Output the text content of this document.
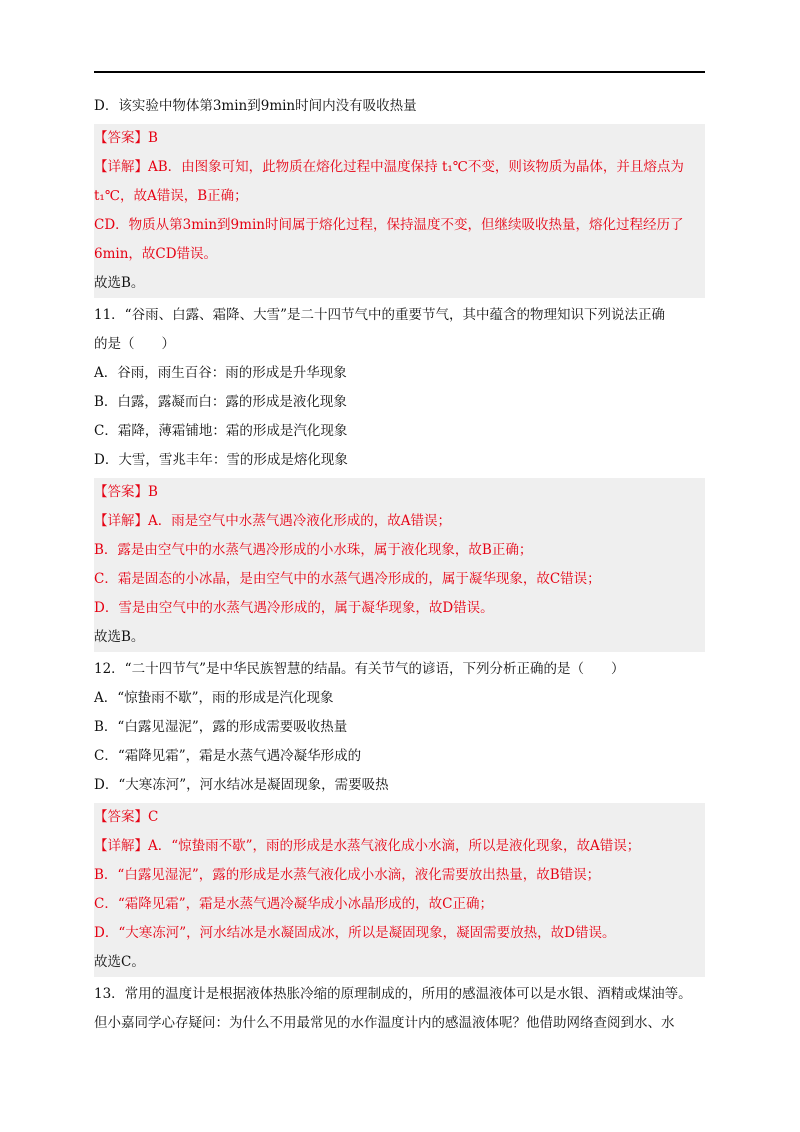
D．该实验中物体第3min到9min时间内没有吸收热量
【答案】B
【详解】AB．由图象可知，此物质在熔化过程中温度保持 t₁℃不变，则该物质为晶体，并且熔点为
t₁℃，故A错误，B正确；
CD．物质从第3min到9min时间属于熔化过程，保持温度不变，但继续吸收热量，熔化过程经历了
6min，故CD错误。
故选B。
11．“谷雨、白露、霜降、大雪”是二十四节气中的重要节气，其中蕴含的物理知识下列说法正确
的是（　　）
A．谷雨，雨生百谷：雨的形成是升华现象
B．白露，露凝而白：露的形成是液化现象
C．霜降，薄霜铺地：霜的形成是汽化现象
D．大雪，雪兆丰年：雪的形成是熔化现象
【答案】B
【详解】A．雨是空气中水蒸气遇冷液化形成的，故A错误；
B．露是由空气中的水蒸气遇冷形成的小水珠，属于液化现象，故B正确；
C．霜是固态的小冰晶，是由空气中的水蒸气遇冷形成的，属于凝华现象，故C错误；
D．雪是由空气中的水蒸气遇冷形成的，属于凝华现象，故D错误。
故选B。
12．“二十四节气”是中华民族智慧的结晶。有关节气的谚语，下列分析正确的是（　　）
A．“惊蛰雨不歇”，雨的形成是汽化现象
B．“白露见湿泥”，露的形成需要吸收热量
C．“霜降见霜”，霜是水蒸气遇冷凝华形成的
D．“大寒冻河”，河水结冰是凝固现象，需要吸热
【答案】C
【详解】A．“惊蛰雨不歇”，雨的形成是水蒸气液化成小水滴，所以是液化现象，故A错误；
B．“白露见湿泥”，露的形成是水蒸气液化成小水滴，液化需要放出热量，故B错误；
C．“霜降见霜”，霜是水蒸气遇冷凝华成小冰晶形成的，故C正确；
D．“大寒冻河”，河水结冰是水凝固成冰，所以是凝固现象，凝固需要放热，故D错误。
故选C。
13．常用的温度计是根据液体热胀冷缩的原理制成的，所用的感温液体可以是水银、酒精或煤油等。
但小嘉同学心存疑问：为什么不用最常见的水作温度计内的感温液体呢？他借助网络查阅到水、水
